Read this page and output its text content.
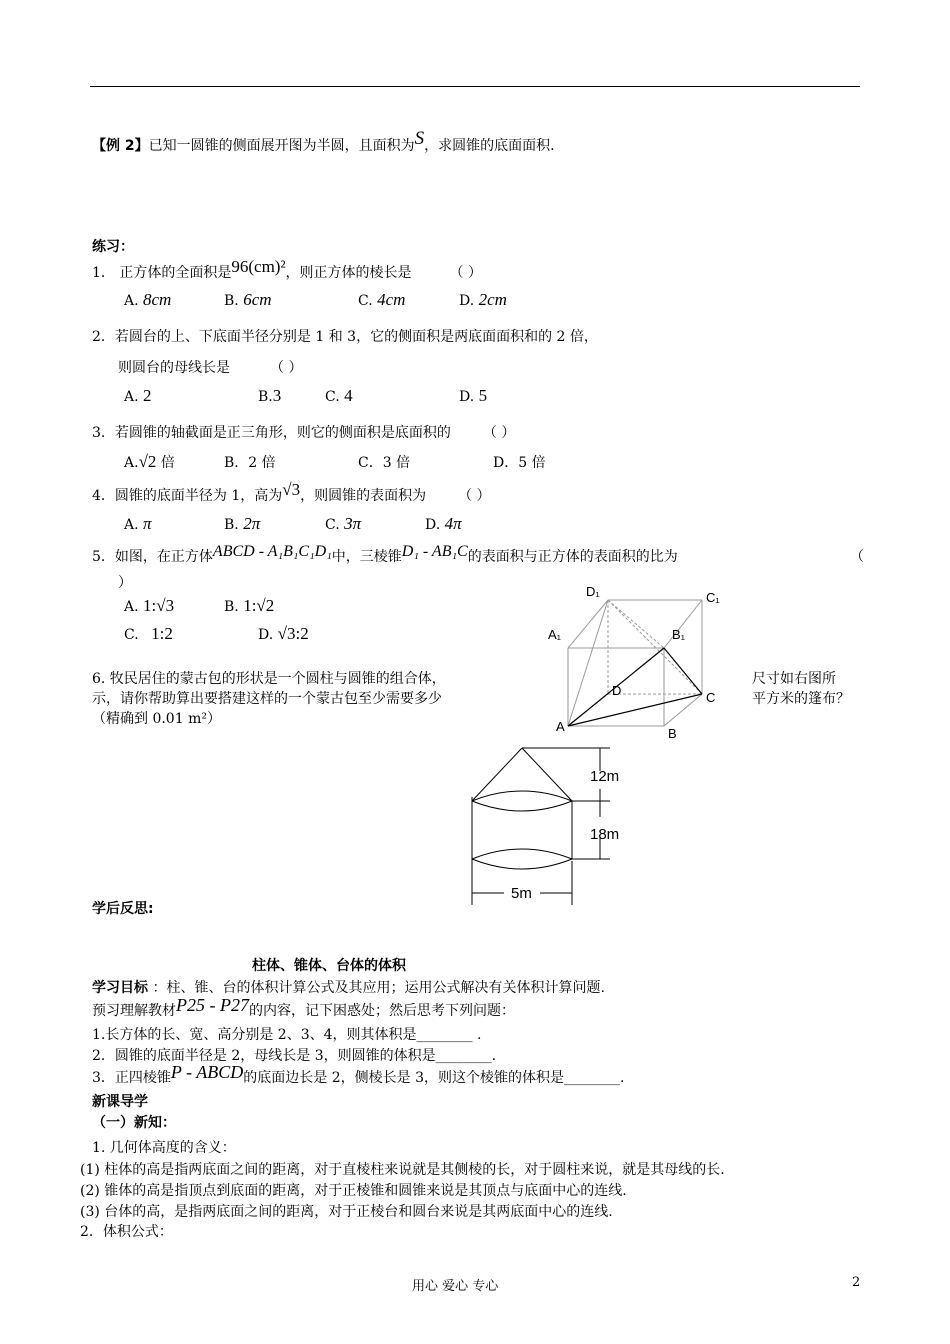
【例 2】已知一圆锥的侧面展开图为半圆，且面积为S，求圆锥的底面面积.
练习：
1． 正方体的全面积是96(cm)²，则正方体的棱长是	（ ）
A. 8cm	B. 6cm	C. 4cm	D. 2cm
2．若圆台的上、下底面半径分别是 1 和 3，它的侧面积是两底面面积和的 2 倍，
则圆台的母线长是	（ ）
A. 2	B.3	C. 4	D. 5
3．若圆锥的轴截面是正三角形，则它的侧面积是底面积的 （ ）
A.√2 倍	B．2 倍	C．3 倍	D．5 倍
4．圆锥的底面半径为 1，高为√3，则圆锥的表面积为 （ ）
A. π	B. 2π	C. 3π	D. 4π
5．如图，在正方体ABCD - A₁B₁C₁D₁中，三棱锥D₁ - AB₁C的表面积与正方体的表面积的比为	（
）
A. 1:√3	B. 1:√2
C. 1:2	D. √3:2
D₁	C₁
A₁	B₁
D	C
A	B
6. 牧民居住的蒙古包的形状是一个圆柱与圆锥的组合体，	尺寸如右图所
示，请你帮助算出要搭建这样的一个蒙古包至少需要多少	平方米的篷布？
（精确到 0.01 m²）
12m
18m
5m
学后反思:
柱体、锥体、台体的体积
学习目标 ：柱、锥、台的体积计算公式及其应用；运用公式解决有关体积计算问题.
预习理解教材P25 - P27的内容，记下困惑处；然后思考下列问题：
1.长方体的长、宽、高分别是 2、3、4，则其体积是________ .
2．圆锥的底面半径是 2，母线长是 3，则圆锥的体积是________.
3．正四棱锥P - ABCD的底面边长是 2，侧棱长是 3，则这个棱锥的体积是________.
新课导学
（一）新知：
1. 几何体高度的含义：
(1) 柱体的高是指两底面之间的距离，对于直棱柱来说就是其侧棱的长，对于圆柱来说，就是其母线的长.
(2) 锥体的高是指顶点到底面的距离，对于正棱锥和圆锥来说是其顶点与底面中心的连线.
(3) 台体的高，是指两底面之间的距离，对于正棱台和圆台来说是其两底面中心的连线.
2．体积公式：
用心 爱心 专心	2
